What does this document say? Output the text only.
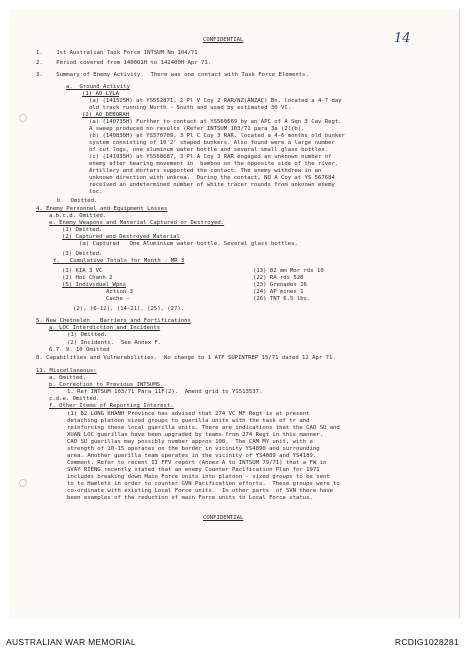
14

CONFIDENTIAL

1.    1st Australian Task Force INTSUM No 104/71

2.    Period covered from 140001H to 142400H Apr 71.

3.    Summary of Enemy Activity.  There was one contact with Task Force Elements.

a.  Ground Activity

(1) AO LYLA

(a) (141525H) at YS552871, 2 Pl V Coy 2 RAR/NZ(ANZAC) Bn, located a 4-7 day

old track running North - South and used by estimated 30 VC.

(2) AO DEBORAH

(a) (140735H) Further to contact at YS560669 by an APC of A Sqn 3 Cav Regt.

A sweep produced no results (Refer INTSUM 103/71 para 3a (2)(b).

(b) (140830H) at YS570709, 3 Pl C Coy 3 RAR, located a 4-6 months old bunker

system consisting of 10'2' shaped bunkers. Also found were a large number

of cut logs, one aluminum water bottle and several small glass bottles.

(c) (141935H) at YS568687, 3 Pl A Coy 3 RAR engaged an unknown number of

enemy after hearing movement in  bamboo on the opposite side of the river.

Artillery and mortars supported the contact. The enemy withdrew in an

unknown direction with unkrea.  During the contact, NQ A Coy at YS 567684

received an undetermined number of white tracer rounds from unknown enemy

loc.

b.  Omitted.

4. Enemy Personnel and Equipment Losses

a.b.c.d. Omitted.

e. Enemy Weapons and Material Captured or Destroyed.

(1) Omitted.

(2) Captured and Destroyed Material

(a) Captured   One Aluminium water bottle. Several glass bottles.

(3) Omitted.

f.   Cumulative Totals for Month - MR 3

(1) KIA 3 VC

(2) Hoi Chanh 2

(5) Individual Wpns

Action 3

Cache -

(2), (6-12), (14-21), (25), (27).

(13) 82 mm Mor rds 10

(22) RA rds 520

(23) Grenades 16

(24) AP mines 1

(26) TNT 6.5 lbs.

5. New Chetnelen   Barriers and Fortifications

a. LOC Interdiction and Incidents

(1) Omitted.

(2) Incidents.  See Annex F.

6.7. 9. 10 Omitted

8. Capabilities and Vulnerabilities.  No change to 1 ATF SUPINTREP 15/71 dated 12 Apr 71.

11. Miscellaneous:

a. Omitted.

b. Correction to Previous INTSUMS.

1. Ref INTSUM 103/71 Para 11F(2).  Amend grid to YS513537.

c.d.e. Omitted.

f. Other Items of Reporting Interest.

(1) 82 LONG KHANH Province has advised that 274 VC MF Regt is at present

detaching platoon sized groups to guerilla units with the task of tr and

reinforcing these local guerilla units. There are indications that the CAO SU and

XUAN LOC guerillas have been upgraded by teams from 274 Regt in this manner.

CAO SU guerillas may possibly number approx 100.  The CAM MY unit, with a

strength of 10-15 operates on the border in vicinity YS4890 and surrounding

area. Another guerilla team operates in the vicinity of YS4089 and YS4189.

Comment. Refer to recent II FFV report (Annex A to INTSUM 79/71) that a FW in

SVAY RIENG recently stated that an enemy Counter Pacification Plan for 1971

includes breaking down Main Force units into platoon - sized groups to be sent

to to Hamlets in order to counter GVN Pacification efforts.  These groups were to

co-ordinate with existing Local Force units.  In other parts  of SVN there have

been examples of the reduction of main Force units to Local Force status.

CONFIDENTIAL

AUSTRALIAN WAR MEMORIAL	RCDIG1028281
